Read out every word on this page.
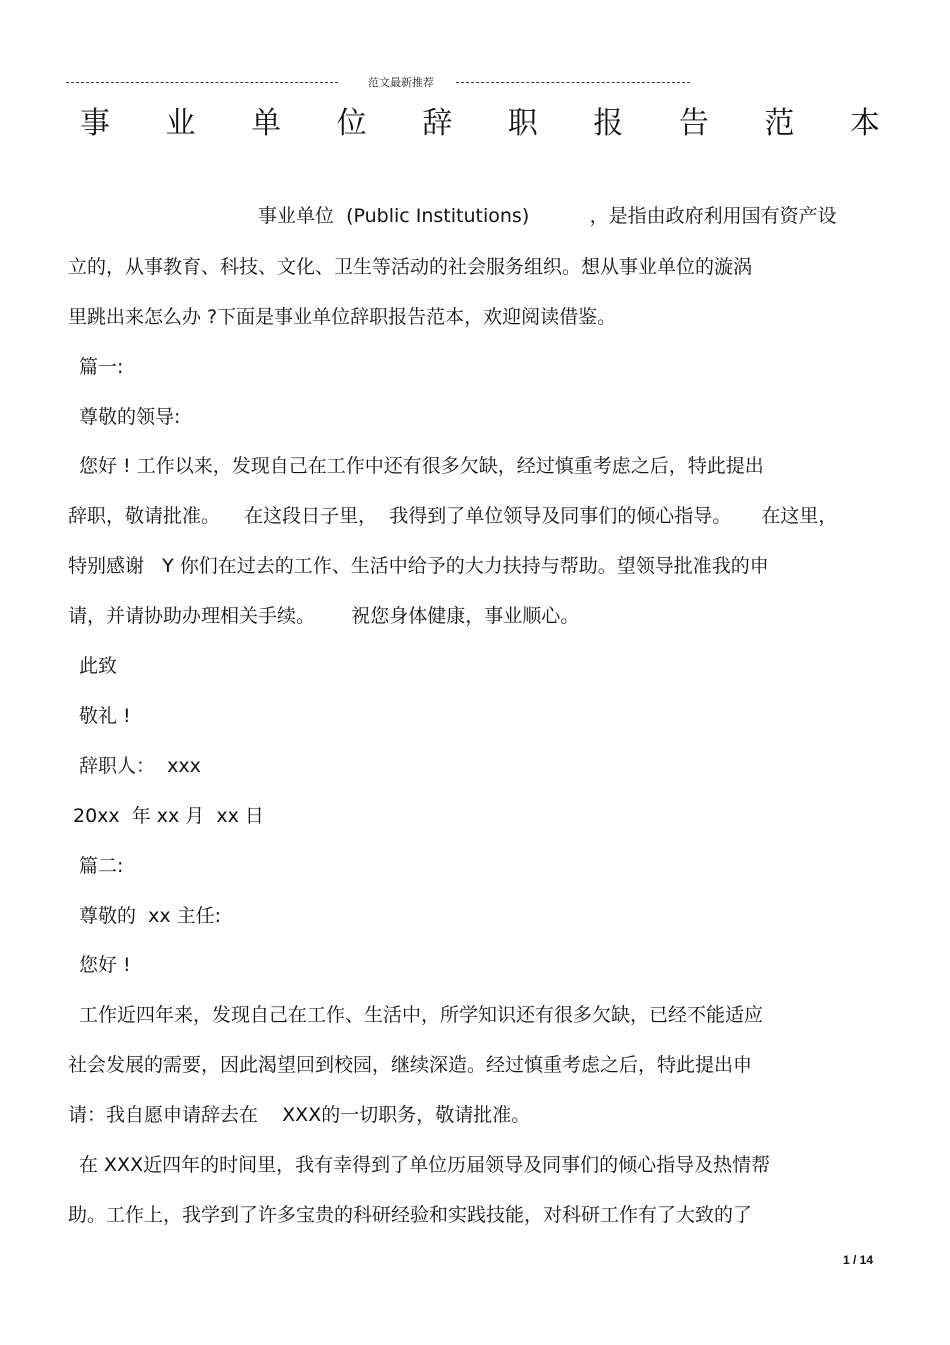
范文最新推荐
事 业 单 位 辞 职 报 告 范 本
事业单位  (Public Institutions)          ，是指由政府利用国有资产设
立的，从事教育、科技、文化、卫生等活动的社会服务组织。想从事业单位的漩涡
里跳出来怎么办 ?下面是事业单位辞职报告范本，欢迎阅读借鉴。
篇一:
尊敬的领导:
您好 ! 工作以来，发现自己在工作中还有很多欠缺，经过慎重考虑之后，特此提出
辞职，敬请批准。    在这段日子里，  我得到了单位领导及同事们的倾心指导。     在这里，
特别感谢   Y 你们在过去的工作、生活中给予的大力扶持与帮助。望领导批准我的申
请，并请协助办理相关手续。      祝您身体健康，事业顺心。
此致
敬礼 !
辞职人：  xxx
20xx  年 xx 月  xx 日
篇二:
尊敬的  xx 主任:
您好 !
工作近四年来，发现自己在工作、生活中，所学知识还有很多欠缺，已经不能适应
社会发展的需要，因此渴望回到校园，继续深造。经过慎重考虑之后，特此提出申
请：我自愿申请辞去在    XXX的一切职务，敬请批准。
在 XXX近四年的时间里，我有幸得到了单位历届领导及同事们的倾心指导及热情帮
助。工作上，我学到了许多宝贵的科研经验和实践技能，对科研工作有了大致的了
1 / 14
